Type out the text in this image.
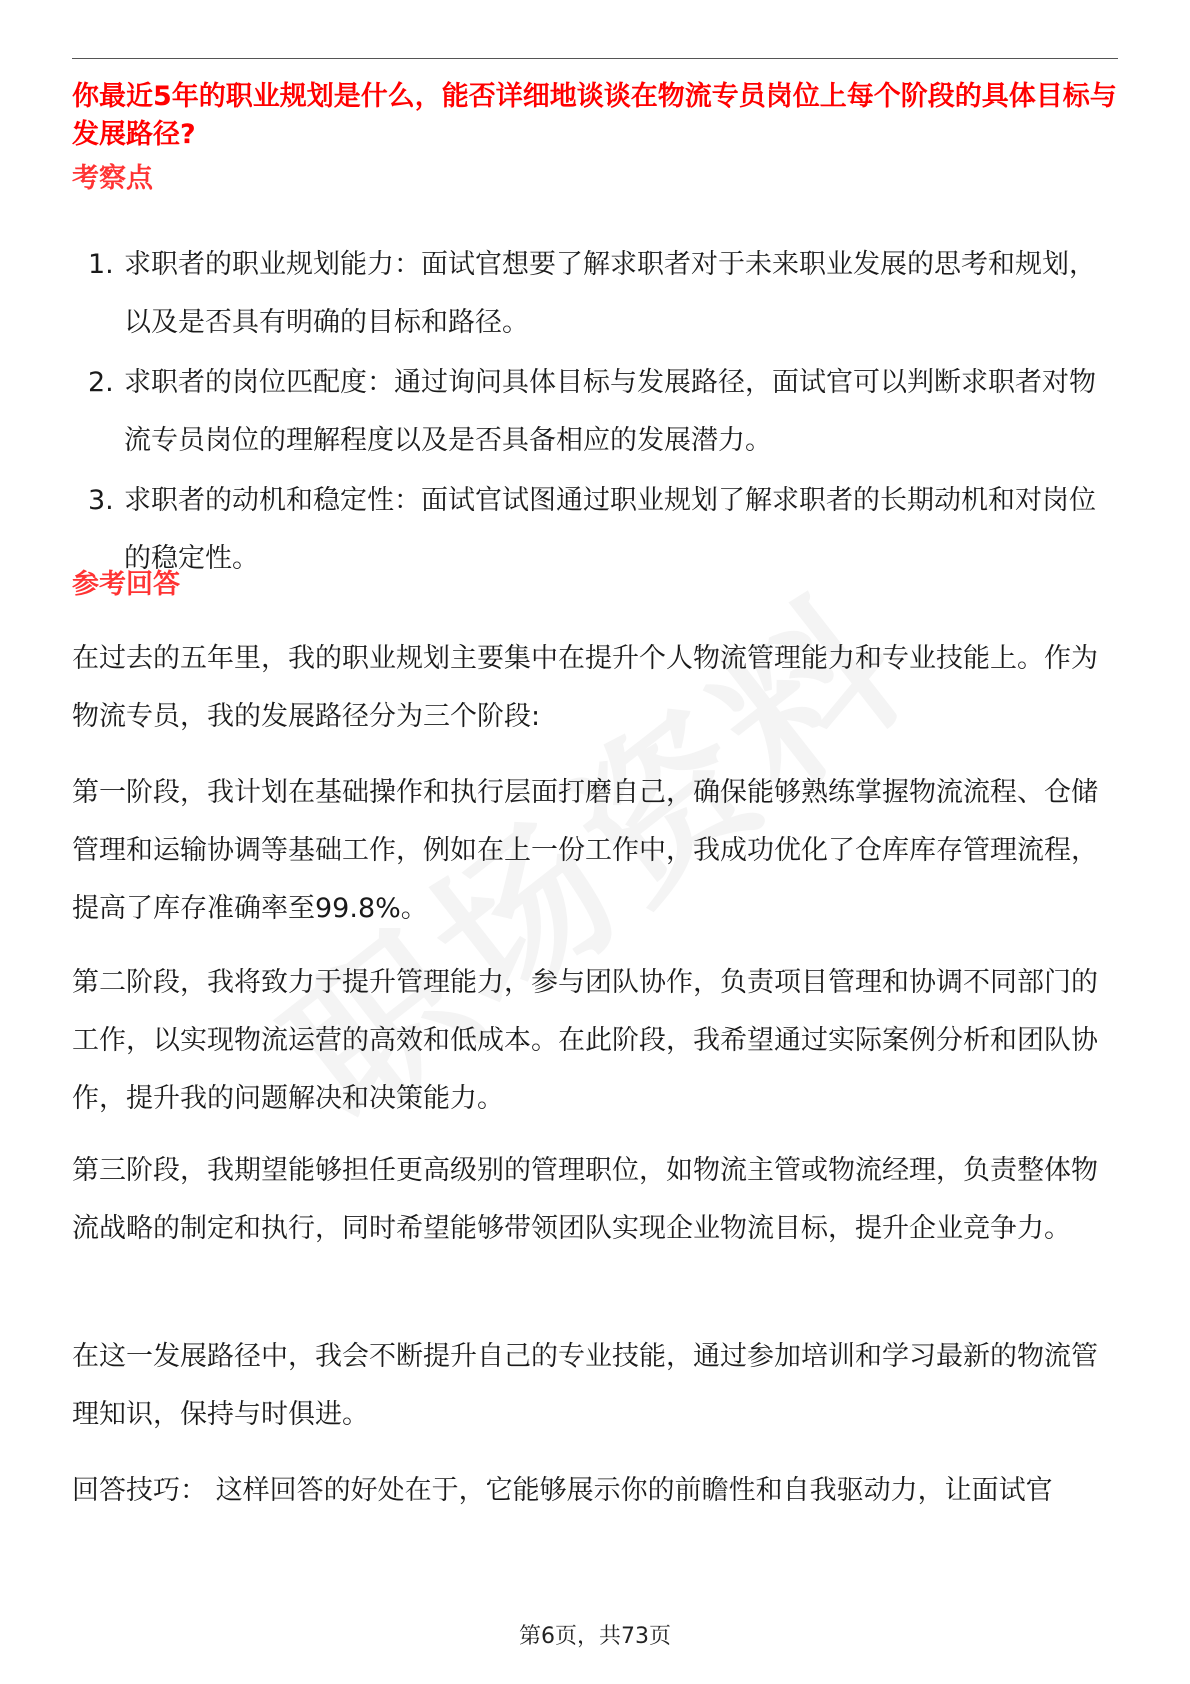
你最近5年的职业规划是什么，能否详细地谈谈在物流专员岗位上每个阶段的具体目标与发展路径?
考察点
1. 求职者的职业规划能力：面试官想要了解求职者对于未来职业发展的思考和规划，以及是否具有明确的目标和路径。
2. 求职者的岗位匹配度：通过询问具体目标与发展路径，面试官可以判断求职者对物流专员岗位的理解程度以及是否具备相应的发展潜力。
3. 求职者的动机和稳定性：面试官试图通过职业规划了解求职者的长期动机和对岗位的稳定性。
参考回答

在过去的五年里，我的职业规划主要集中在提升个人物流管理能力和专业技能上。作为物流专员，我的发展路径分为三个阶段:

第一阶段，我计划在基础操作和执行层面打磨自己，确保能够熟练掌握物流流程、仓储管理和运输协调等基础工作，例如在上一份工作中，我成功优化了仓库库存管理流程，提高了库存准确率至99.8%。

第二阶段，我将致力于提升管理能力，参与团队协作，负责项目管理和协调不同部门的工作，以实现物流运营的高效和低成本。在此阶段，我希望通过实际案例分析和团队协作，提升我的问题解决和决策能力。

第三阶段，我期望能够担任更高级别的管理职位，如物流主管或物流经理，负责整体物流战略的制定和执行，同时希望能够带领团队实现企业物流目标，提升企业竞争力。

在这一发展路径中，我会不断提升自己的专业技能，通过参加培训和学习最新的物流管理知识，保持与时俱进。

回答技巧： 这样回答的好处在于，它能够展示你的前瞻性和自我驱动力，让面试官

第6页，共73页
